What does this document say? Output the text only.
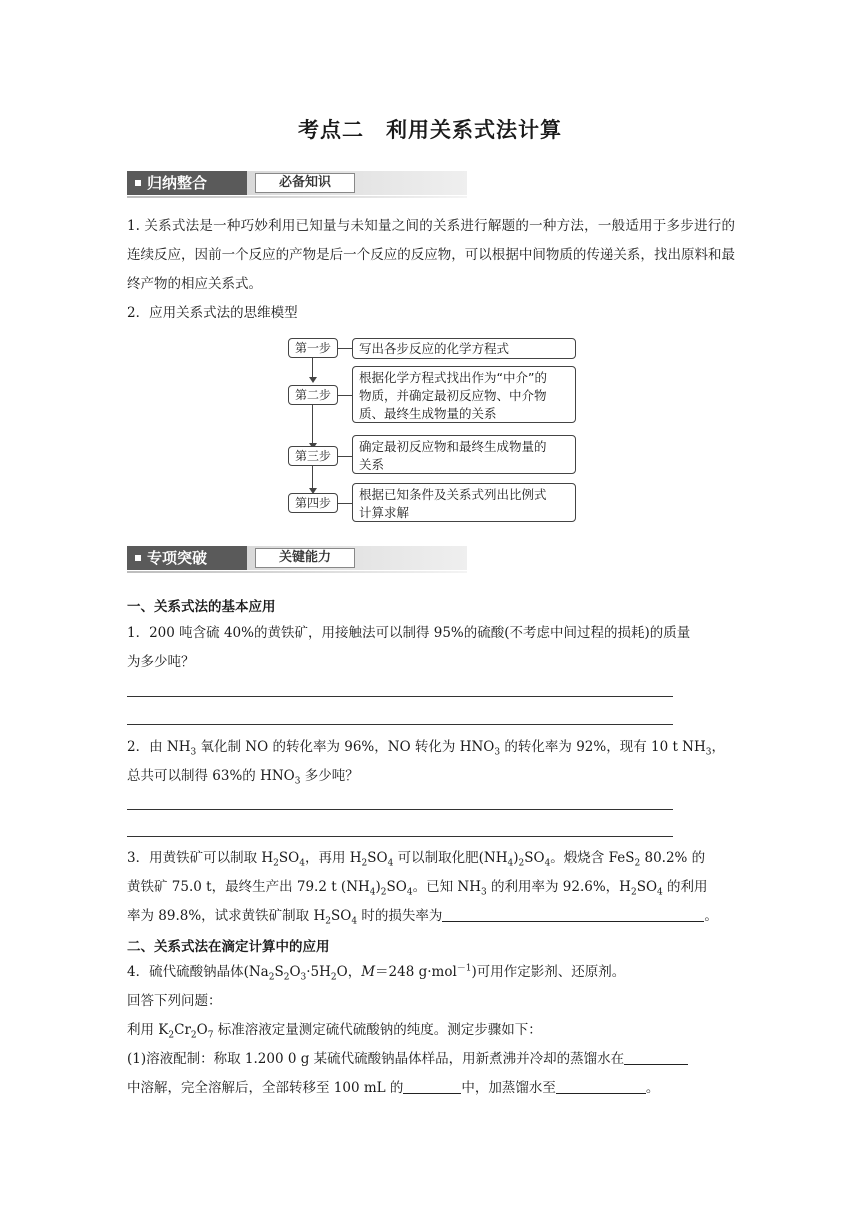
考点二 利用关系式法计算
归纳整合	必备知识
1. 关系式法是一种巧妙利用已知量与未知量之间的关系进行解题的一种方法，一般适用于多步进行的连续反应，因前一个反应的产物是后一个反应的反应物，可以根据中间物质的传递关系，找出原料和最终产物的相应关系式。
2．应用关系式法的思维模型
第一步	写出各步反应的化学方程式
第二步
根据化学方程式找出作为“中介”的
物质，并确定最初反应物、中介物
质、最终生成物量的关系
第三步
确定最初反应物和最终生成物量的
关系
第四步
根据已知条件及关系式列出比例式
计算求解
专项突破	关键能力
一、关系式法的基本应用
1．200 吨含硫 40%的黄铁矿，用接触法可以制得 95%的硫酸(不考虑中间过程的损耗)的质量
为多少吨？
2．由 $NH_3$ 氧化制 NO 的转化率为 96%，NO 转化为 $HNO_3$ 的转化率为 92%，现有 10 t $NH_3$，
总共可以制得 63%的 $HNO_3$ 多少吨？
3．用黄铁矿可以制取 $H_2SO_4$，再用 $H_2SO_4$ 可以制取化肥$(NH_4)_2SO_4$。煅烧含 FeS$_2$ 80.2% 的
黄铁矿 75.0 t，最终生产出 79.2 t $(NH_4)_2SO_4$。已知 $NH_3$ 的利用率为 92.6%，$H_2SO_4$ 的利用
率为 89.8%，试求黄铁矿制取 $H_2SO_4$ 时的损失率为	。
二、关系式法在滴定计算中的应用
4．硫代硫酸钠晶体($Na_2S_2O_3\cdot 5H_2O$，M＝248 g·mol$^{-1}$)可用作定影剂、还原剂。
回答下列问题：
利用 $K_2Cr_2O_7$ 标准溶液定量测定硫代硫酸钠的纯度。测定步骤如下：
(1)溶液配制：称取 1.200 0 g 某硫代硫酸钠晶体样品，用新煮沸并冷却的蒸馏水在
中溶解，完全溶解后，全部转移至 100 mL 的	中，加蒸馏水至	。
